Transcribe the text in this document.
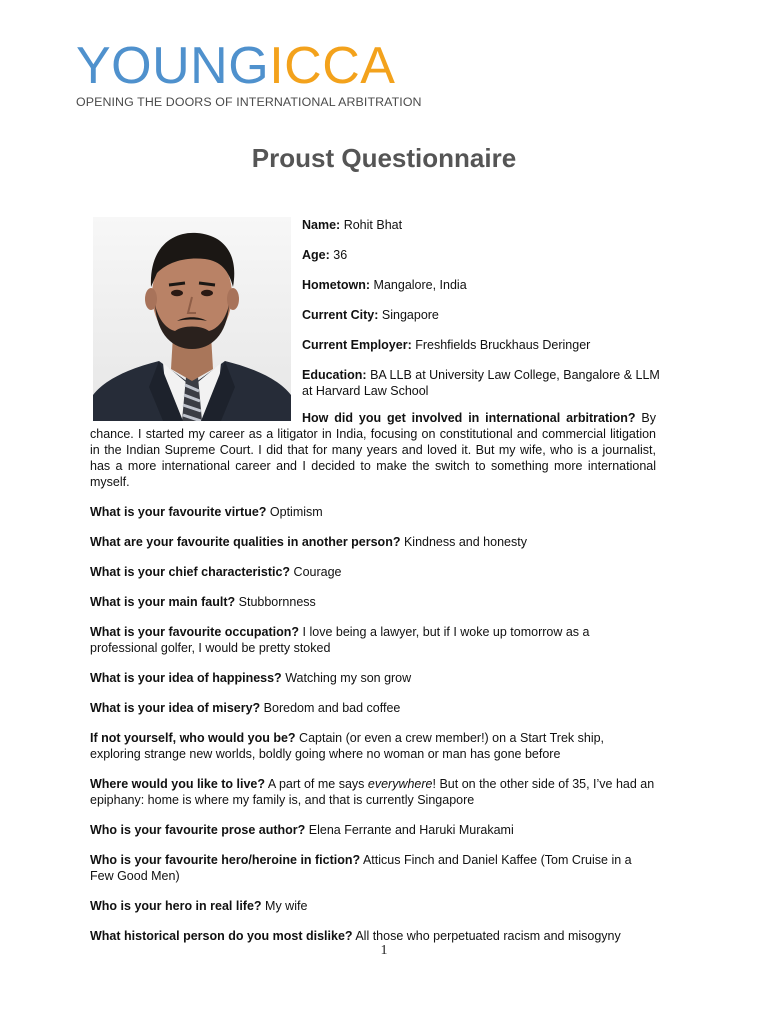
YOUNGICCA
OPENING THE DOORS OF INTERNATIONAL ARBITRATION
Proust Questionnaire

Name: Rohit Bhat

Age: 36

Hometown: Mangalore, India

Current City: Singapore

Current Employer: Freshfields Bruckhaus Deringer

Education: BA LLB at University Law College, Bangalore & LLM at Harvard Law School

How did you get involved in international arbitration? By chance. I started my career as a litigator in India, focusing on constitutional and commercial litigation in the Indian Supreme Court. I did that for many years and loved it. But my wife, who is a journalist, has a more international career and I decided to make the switch to something more international myself.

What is your favourite virtue? Optimism

What are your favourite qualities in another person? Kindness and honesty

What is your chief characteristic? Courage

What is your main fault? Stubbornness

What is your favourite occupation? I love being a lawyer, but if I woke up tomorrow as a professional golfer, I would be pretty stoked

What is your idea of happiness? Watching my son grow

What is your idea of misery? Boredom and bad coffee

If not yourself, who would you be? Captain (or even a crew member!) on a Start Trek ship, exploring strange new worlds, boldly going where no woman or man has gone before

Where would you like to live? A part of me says everywhere! But on the other side of 35, I’ve had an epiphany: home is where my family is, and that is currently Singapore

Who is your favourite prose author? Elena Ferrante and Haruki Murakami

Who is your favourite hero/heroine in fiction? Atticus Finch and Daniel Kaffee (Tom Cruise in a Few Good Men)

Who is your hero in real life? My wife

What historical person do you most dislike? All those who perpetuated racism and misogyny

1
